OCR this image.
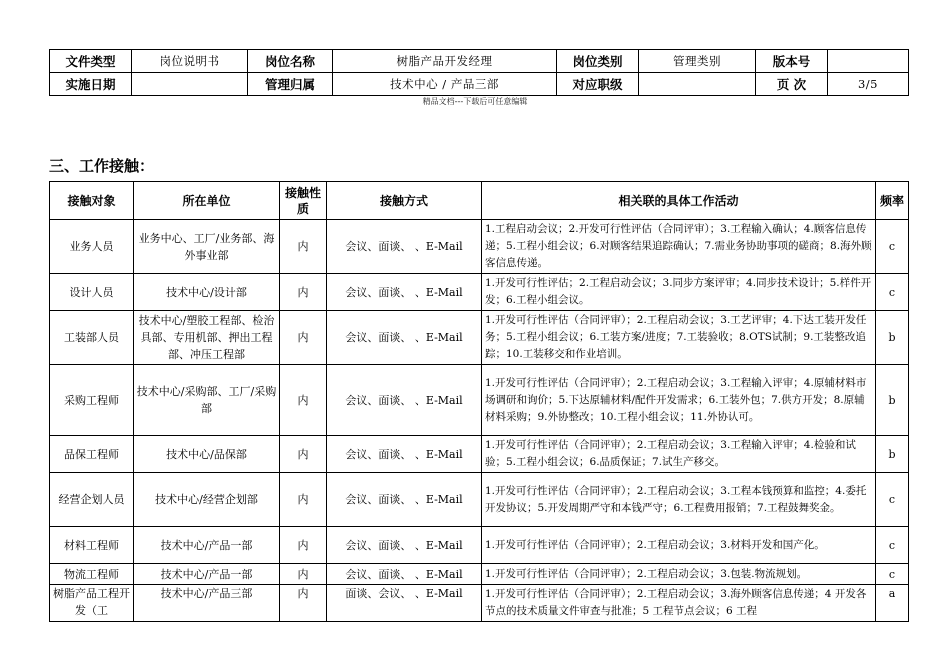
文件类型	岗位说明书	岗位名称	树脂产品开发经理	岗位类别	管理类别	版本号	
实施日期		管理归属	技术中心 / 产品三部	对应职级		页 次	3/5
精品文档---下载后可任意编辑
三、工作接触：
接触对象	所在单位	接触性质	接触方式	相关联的具体工作活动	频率
业务人员	业务中心、工厂/业务部、海外事业部	内	会议、面谈、 、E-Mail	1.工程启动会议；2.开发可行性评估（合同评审）；3.工程输入确认；4.顾客信息传递；5.工程小组会议；6.对顾客结果追踪确认；7.需业务协助事项的磋商；8.海外顾客信息传递。	c
设计人员	技术中心/设计部	内	会议、面谈、 、E-Mail	1.开发可行性评估；2.工程启动会议；3.同步方案评审；4.同步技术设计；5.样件开发；6.工程小组会议。	c
工装部人员	技术中心/塑胶工程部、检治具部、专用机部、押出工程部、冲压工程部	内	会议、面谈、 、E-Mail	1.开发可行性评估（合同评审）；2.工程启动会议；3.工艺评审；4.下达工装开发任务；5.工程小组会议；6.工装方案/进度；7.工装验收；8.OTS试制；9.工装整改追踪；10.工装移交和作业培训。	b
采购工程师	技术中心/采购部、工厂/采购部	内	会议、面谈、 、E-Mail	1.开发可行性评估（合同评审）；2.工程启动会议；3.工程输入评审；4.原辅材料市场调研和询价；5.下达原辅材料/配件开发需求；6.工装外包；7.供方开发；8.原辅材料采购；9.外协整改；10.工程小组会议；11.外协认可。	b
品保工程师	技术中心/品保部	内	会议、面谈、 、E-Mail	1.开发可行性评估（合同评审）；2.工程启动会议；3.工程输入评审；4.检验和试验；5.工程小组会议；6.品质保证；7.试生产移交。	b
经营企划人员	技术中心/经营企划部	内	会议、面谈、 、E-Mail	1.开发可行性评估（合同评审）；2.工程启动会议；3.工程本钱预算和监控；4.委托开发协议；5.开发周期严守和本钱严守；6.工程费用报销；7.工程鼓舞奖金。	c
材料工程师	技术中心/产品一部	内	会议、面谈、 、E-Mail	1.开发可行性评估（合同评审）；2.工程启动会议；3.材料开发和国产化。	c
物流工程师	技术中心/产品一部	内	会议、面谈、 、E-Mail	1.开发可行性评估（合同评审）；2.工程启动会议；3.包装.物流规划。	c
树脂产品工程开发（工	技术中心/产品三部	内	面谈、会议、 、E-Mail	1.开发可行性评估（合同评审）；2.工程启动会议；3.海外顾客信息传递；4 开发各节点的技术质量文件审查与批准；5 工程节点会议；6 工程	a
